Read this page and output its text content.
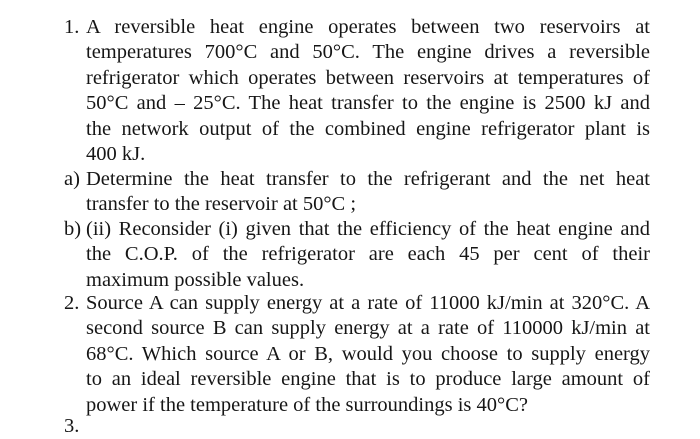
1. A reversible heat engine operates between two reservoirs at
temperatures 700°C and 50°C. The engine drives a reversible
refrigerator which operates between reservoirs at temperatures of
50°C and – 25°C. The heat transfer to the engine is 2500 kJ and
the network output of the combined engine refrigerator plant is
400 kJ.
a) Determine the heat transfer to the refrigerant and the net heat
transfer to the reservoir at 50°C ;
b) (ii) Reconsider (i) given that the efficiency of the heat engine and
the C.O.P. of the refrigerator are each 45 per cent of their
maximum possible values.
2. Source A can supply energy at a rate of 11000 kJ/min at 320°C. A
second source B can supply energy at a rate of 110000 kJ/min at
68°C. Which source A or B, would you choose to supply energy
to an ideal reversible engine that is to produce large amount of
power if the temperature of the surroundings is 40°C?
3.
